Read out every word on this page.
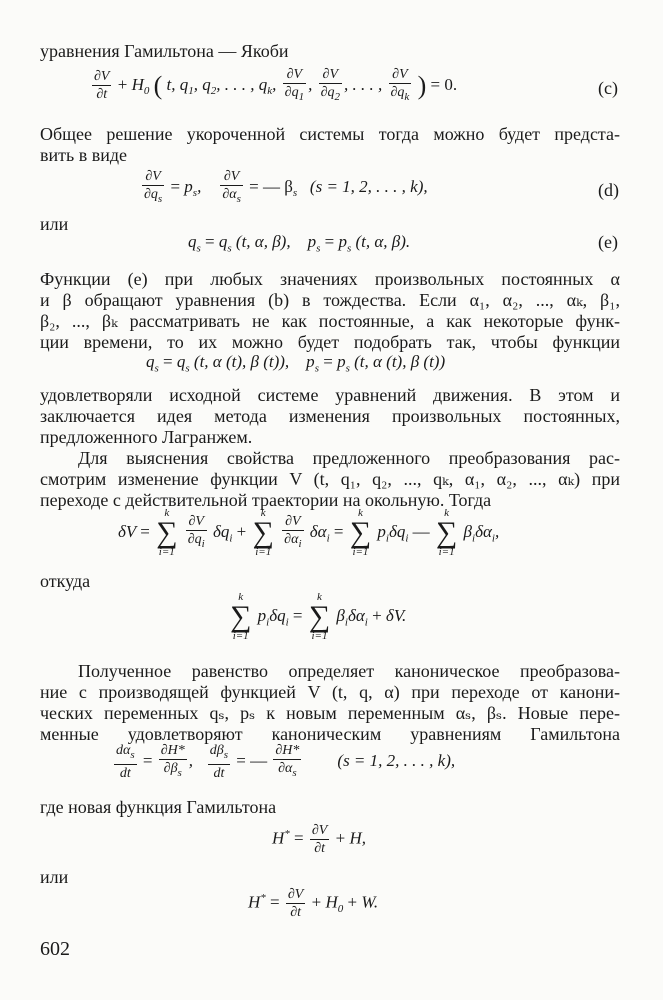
уравнения Гамильтона — Якоби
$\frac{\partial V}{\partial t} + H_0$ ( t, $q_1$, $q_2$, . . . , $q_k$, $\frac{\partial V}{\partial q_1}$ , $\frac{\partial V}{\partial q_2}$ , . . . , $\frac{\partial V}{\partial q_k}$ ) = 0.	(c)
Общее решение укороченной системы тогда можно будет предста-
вить в виде
$\frac{\partial V}{\partial q_s} = p_s$, $\frac{\partial V}{\partial\alpha_s}$ = — $\beta_s$ (s = 1, 2, . . . , k),	(d)
или
$q_s = q_s$ (t, α, β),    $p_s = p_s$ (t, α, β).	(e)
Функции (e) при любых значениях произвольных постоянных α
и β обращают уравнения (b) в тождества. Если α₁, α₂, ..., αₖ, β₁,
β₂, ..., βₖ рассматривать не как постоянные, а как некоторые функ-
ции времени, то их можно будет подобрать так, чтобы функции
$q_s = q_s$ (t, α (t), β (t)),    $p_s = p_s$ (t, α (t), β (t))
удовлетворяли исходной системе уравнений движения. В этом и
заключается идея метода изменения произвольных постоянных,
предложенного Лагранжем.
Для выяснения свойства предложенного преобразования рас-
смотрим изменение функции V (t, q₁, q₂, ..., qₖ, α₁, α₂, ..., αₖ) при
переходе с действительной траектории на окольную. Тогда
δV =
k
∑
i=1
$\frac{\partial V}{\partial q_i} \delta q_i$ +
k
∑
i=1
$\frac{\partial V}{\partial\alpha_i} \delta\alpha_i$ =
k
∑
i=1
$p_i\delta q_i$ —
k
∑
i=1
$\beta_i\delta\alpha_i$,
откуда
k
∑
i=1
$p_i\delta q_i$ =
k
∑
i=1
$\beta_i\delta\alpha_i + \delta V$.
Полученное равенство определяет каноническое преобразова-
ние с производящей функцией V (t, q, α) при переходе от канони-
ческих переменных qₛ, pₛ к новым переменным αₛ, βₛ. Новые пере-
менные удовлетворяют каноническим уравнениям Гамильтона
$\frac{d\alpha_s}{dt} = \frac{\partial H*}{\partial\beta_s}$ , $\frac{d\beta_s}{dt}$ = — $\frac{\partial H*}{\partial\alpha_s} (s = 1$, 2, . . . , k),
где новая функция Гамильтона
$H^* = \frac{\partial V}{\partial t} + H$,
или
$H^* = \frac{\partial V}{\partial t} + H_0 + W$.
602
